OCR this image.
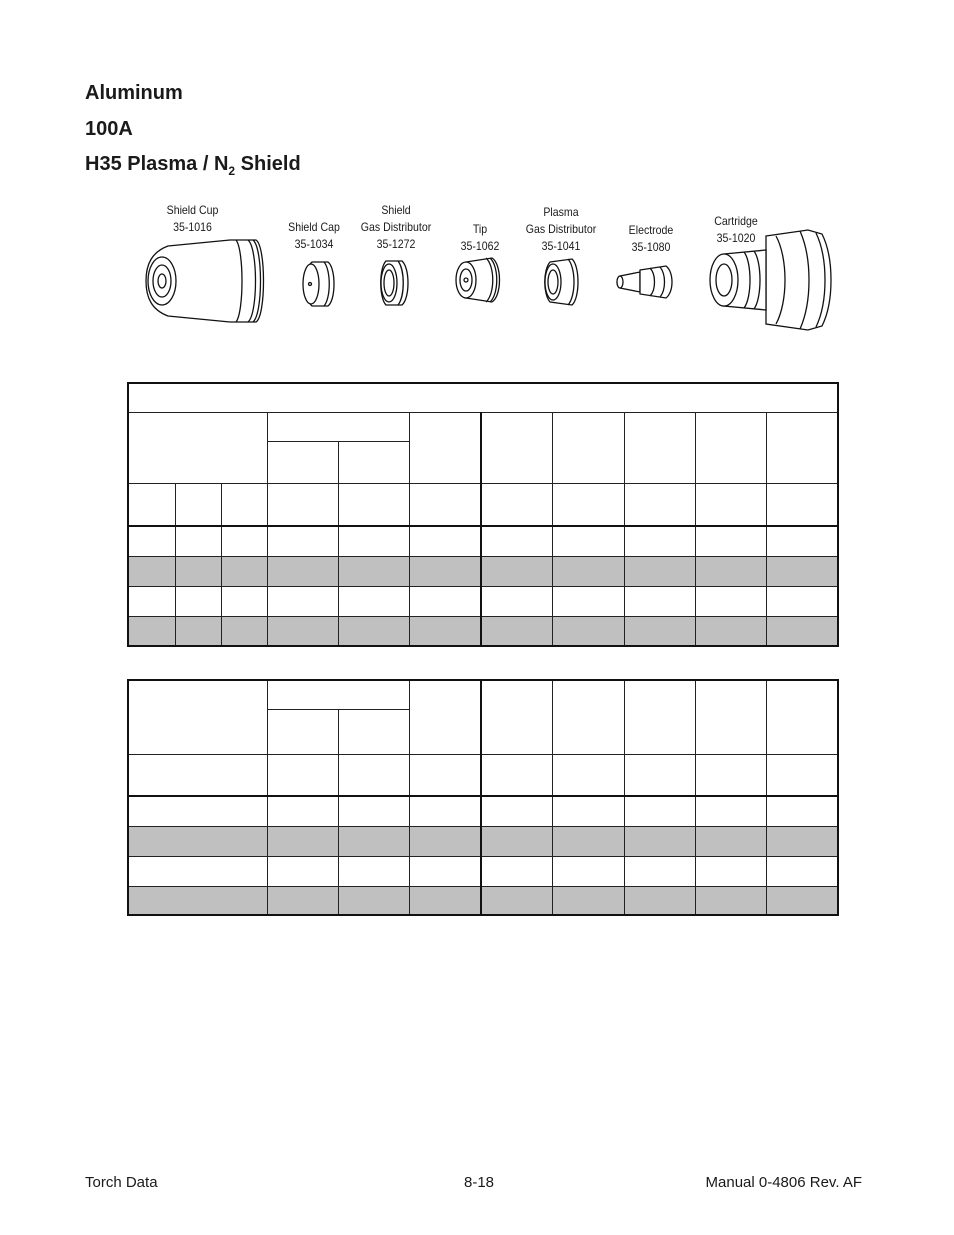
Aluminum
100A
H35 Plasma / $N_2$ Shield
Shield Cup
35-1016	Shield Cap
35-1034
Shield
Gas Distributor
35-1272
Tip
35-1062
Plasma
Gas Distributor
35-1041
Electrode
35-1080
Cartridge
35-1020

Torch Data	8-18	Manual 0-4806 Rev. AF
